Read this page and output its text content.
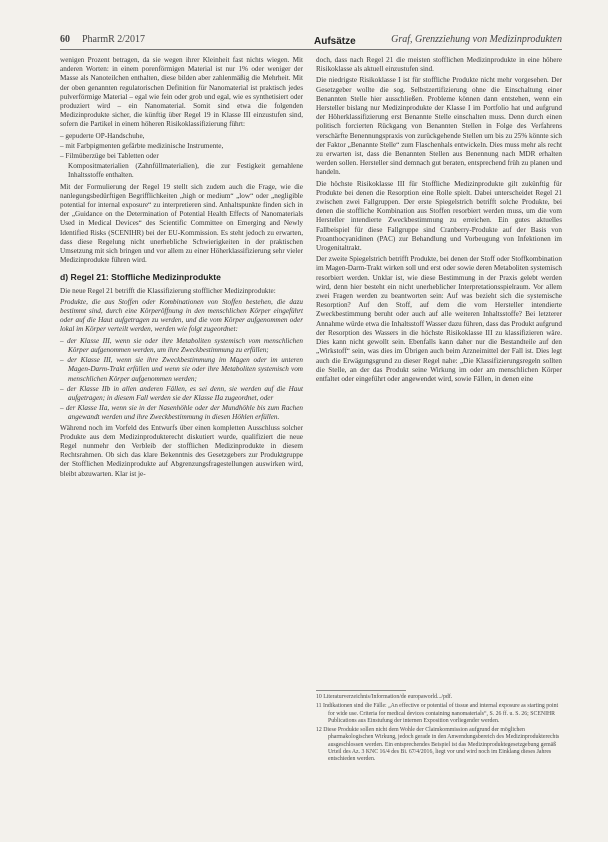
60 PharmR 2/2017	Aufsätze	Graf, Grenzziehung von Medizinprodukten

wenigen Prozent betragen, da sie wegen ihrer Kleinheit fast nichts wiegen. Mit anderen Worten: in einem porenförmigen Material ist nur 1% oder weniger der Masse als Nanoteilchen enthalten, diese bilden aber zahlenmäßig die Mehrheit. Mit der oben genannten regulatorischen Definition für Nanomaterial ist praktisch jedes pulverförmige Material – egal wie fein oder grob und egal, wie es synthetisiert oder produziert wird – ein Nanomaterial. Somit sind etwa die folgenden Medizinprodukte sicher, die künftig über Regel 19 in Klasse III einzustufen sind, sofern die Partikel in einem höheren Risikoklassifizierung führt:

– gepuderte OP-Handschuhe,

– mit Farbpigmenten gefärbte medizinische Instrumente,

– Filmüberzüge bei Tabletten oder

Kompositmaterialien (Zahnfüllmaterialien), die zur Festigkeit gemahlene Inhaltsstoffe enthalten.

Mit der Formulierung der Regel 19 stellt sich zudem auch die Frage, wie die nanlegungsbedürftigen Begrifflichkeiten „high or medium“ „low“ oder „negligible potential for internal exposure“ zu interpretieren sind. Anhaltspunkte finden sich in der „Guidance on the Determination of Potential Health Effects of Nanomaterials Used in Medical Devices“ des Scientific Committee on Emerging and Newly Identified Risks (SCENIHR) bei der EU-Kommission. Es steht jedoch zu erwarten, dass diese Regelung nicht unerhebliche Schwierigkeiten in der praktischen Umsetzung mit sich bringen und vor allem zu einer Höherklassifizierung sehr vieler Medizinprodukte führen wird.

d) Regel 21: Stoffliche Medizinprodukte

Die neue Regel 21 betrifft die Klassifizierung stofflicher Medizinprodukte:

Produkte, die aus Stoffen oder Kombinationen von Stoffen bestehen, die dazu bestimmt sind, durch eine Körperöffnung in den menschlichen Körper eingeführt oder auf die Haut aufgetragen zu werden, und die vom Körper aufgenommen oder lokal im Körper verteilt werden, werden wie folgt zugeordnet:

– der Klasse III, wenn sie oder ihre Metaboliten systemisch vom menschlichen Körper aufgenommen werden, um ihre Zweckbestimmung zu erfüllen;

– der Klasse III, wenn sie ihre Zweckbestimmung im Magen oder im unteren Magen-Darm-Trakt erfüllen und wenn sie oder ihre Metaboliten systemisch vom menschlichen Körper aufgenommen werden;

– der Klasse IIb in allen anderen Fällen, es sei denn, sie werden auf die Haut aufgetragen; in diesem Fall werden sie der Klasse IIa zugeordnet, oder

– der Klasse IIa, wenn sie in der Nasenhöhle oder der Mundhöhle bis zum Rachen angewandt werden und ihre Zweckbestimmung in diesen Höhlen erfüllen.

Während noch im Vorfeld des Entwurfs über einen kompletten Ausschluss solcher Produkte aus dem Medizinprodukterecht diskutiert wurde, qualifiziert die neue Regel nunmehr den Verbleib der stofflichen Medizinprodukte in diesem Rechtsrahmen. Ob sich das klare Bekenntnis des Gesetzgebers zur Produktgruppe der Stofflichen Medizinprodukte auf Abgrenzungsfragestellungen auswirken wird, bleibt abzuwarten. Klar ist je-

doch, dass nach Regel 21 die meisten stofflichen Medizinprodukte in eine höhere Risikoklasse als aktuell einzustufen sind.

Die niedrigste Risikoklasse I ist für stoffliche Produkte nicht mehr vorgesehen. Der Gesetzgeber wollte die sog. Selbstzertifizierung ohne die Einschaltung einer Benannten Stelle hier ausschließen. Probleme können dann entstehen, wenn ein Hersteller bislang nur Medizinprodukte der Klasse I im Portfolio hat und aufgrund der Höherklassifizierung erst Benannte Stelle einschalten muss. Denn durch einen politisch forcierten Rückgang von Benannten Stellen in Folge des Verfahrens verschärfte Benennungspraxis von zurückgehende Stellen um bis zu 25% könnte sich der Faktor „Benannte Stelle“ zum Flaschenhals entwickeln. Dies muss mehr als recht zu erwarten ist, dass die Benannten Stellen aus Benennung nach MDR erhalten werden sollen. Hersteller sind demnach gut beraten, entsprechend früh zu planen und handeln.

Die höchste Risikoklasse III für Stoffliche Medizinprodukte gilt zukünftig für Produkte bei denen die Resorption eine Rolle spielt. Dabei unterscheidet Regel 21 zwischen zwei Fallgruppen. Der erste Spiegelstrich betrifft solche Produkte, bei denen die stoffliche Kombination aus Stoffen resorbiert werden muss, um die vom Hersteller intendierte Zweckbestimmung zu erreichen. Ein gutes aktuelles Fallbeispiel für diese Fallgruppe sind Cranberry-Produkte auf der Basis von Proanthocyanidinen (PAC) zur Behandlung und Vorbeugung von Infektionen im Urogenitaltrakt.

Der zweite Spiegelstrich betrifft Produkte, bei denen der Stoff oder Stoffkombination im Magen-Darm-Trakt wirken soll und erst oder sowie deren Metaboliten systemisch resorbiert werden. Unklar ist, wie diese Bestimmung in der Praxis gelebt werden wird, denn hier besteht ein nicht unerheblicher Interpretationsspielraum. Vor allem zwei Fragen werden zu beantworten sein: Auf was bezieht sich die systemische Resorption? Auf den Stoff, auf dem die vom Hersteller intendierte Zweckbestimmung beruht oder auch auf alle weiteren Inhaltsstoffe? Bei letzterer Annahme würde etwa die Inhaltsstoff Wasser dazu führen, dass das Produkt aufgrund der Resorption des Wassers in die höchste Risikoklasse III zu klassifizieren wäre. Dies kann nicht gewollt sein. Ebenfalls kann daher nur die Bestandteile auf den „Wirkstoff“ sein, was dies im Übrigen auch beim Arzneimittel der Fall ist. Dies legt auch die Erwägungsgrund zu dieser Regel nahe: „Die Klassifizierungsregeln sollten die Stelle, an der das Produkt seine Wirkung im oder am menschlichen Körper entfaltet oder eingeführt oder angewendet wird, sowie Fällen, in denen eine

10 Literaturverzeichnis/Information/de europaworld.../pdf.

11 Indikationen sind die Fälle: „An effective or potential of tissue and internal exposure as starting point for wide use. Criteria for medical devices containing nanomaterials“, S. 26 ff. u. S. 26; SCENIHR Publications aus Einstufung der internen Exposition vorliegender werden.

12 Diese Produkte sollen nicht dem Wohle der Claimkommission aufgrund der möglichen pharmakologischen Wirkung, jedoch gerade in den Anwendungsbereich des Medizinprodukterechts ausgeschlossen werden. Ein entsprechendes Beispiel ist das Medizinproduktegesetzgebung gemäß Urteil des Az. 3 KNC 16/4 des Bi. 67/4/2016, liegt vor und wird noch im Einklang dieses Jahres entschieden werden.
